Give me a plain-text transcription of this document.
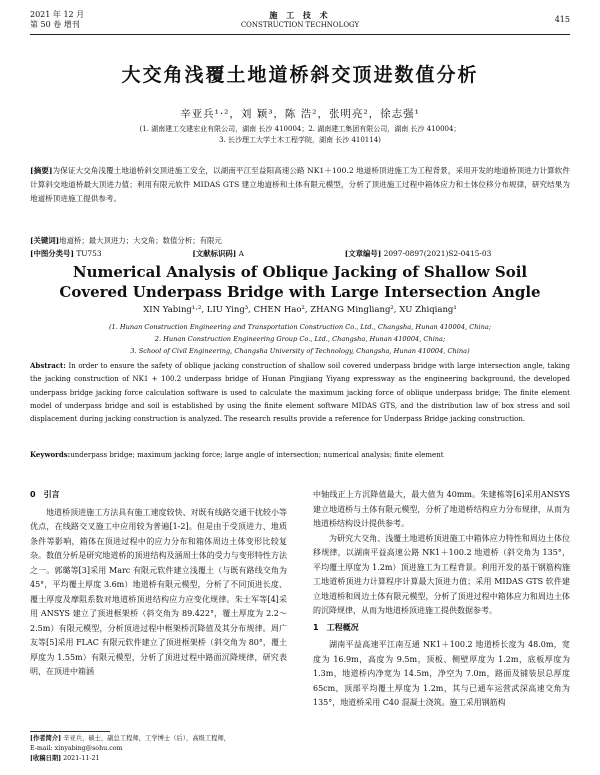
2021 年 12 月
第 50 卷 增刊
施 工 技 术
CONSTRUCTION TECHNOLOGY
415
大交角浅覆土地道桥斜交顶进数值分析
辛亚兵¹·²，刘 颖³，陈 浩²，张明亮²，徐志强¹
(1. 湖南建工交建宏业有限公司，湖南 长沙 410004；2. 湖南建工集团有限公司，湖南 长沙 410004；
3. 长沙理工大学土木工程学院，湖南 长沙 410114)
[摘要]为保证大交角浅覆土地道桥斜交顶进施工安全，以湖南平江至益阳高速公路 NK1＋100.2 地道桥顶进施工为工程背景，采用开发的地道桥顶进力计算软件计算斜交地道桥最大顶进力值；利用有限元软件 MIDAS GTS 建立地道桥和土体有限元模型，分析了顶进施工过程中箱体应力和土体位移分布规律，研究结果为地道桥顶进施工提供参考。
[关键词]地道桥；最大顶进力；大交角；数值分析；有限元
[中图分类号] TU753	[文献标识码] A	[文章编号] 2097-0897(2021)S2-0415-03
Numerical Analysis of Oblique Jacking of Shallow Soil
Covered Underpass Bridge with Large Intersection Angle
XIN Yabing¹·², LIU Ying³, CHEN Hao², ZHANG Mingliang², XU Zhiqiang¹
(1. Hunan Construction Engineering and Transportation Construction Co., Ltd., Changsha, Hunan 410004, China;
2. Hunan Construction Engineering Group Co., Ltd., Changsha, Hunan 410004, China;
3. School of Civil Engineering, Changsha University of Technology, Changsha, Hunan 410004, China)
Abstract: In order to ensure the safety of oblique jacking construction of shallow soil covered underpass bridge with large intersection angle, taking the jacking construction of NK1 + 100.2 underpass bridge of Hunan Pingjiang Yiyang expressway as the engineering background, the developed underpass bridge jacking force calculation software is used to calculate the maximum jacking force of oblique underpass bridge; The finite element model of underpass bridge and soil is established by using the finite element software MIDAS GTS, and the distribution law of box stress and soil displacement during jacking construction is analyzed. The research results provide a reference for Underpass Bridge jacking construction.
Keywords:underpass bridge; maximum jacking force; large angle of intersection; numerical analysis; finite element
0　引言

地道桥顶进施工方法具有施工速度较快、对既有线路交通干扰较小等优点，在线路交叉施工中应用较为普遍[1-2]。但是由于受顶进力、地质条件等影响，箱体在顶进过程中的应力分布和箱体周边土体变形比较复杂。数值分析是研究地道桥的顶进结构及涵周土体的受力与变形特性方法之一。郭璐等[3]采用 Marc 有限元软件建立浅覆土（与既有路线交角为 45°，平均覆土厚度 3.6m）地道桥有限元模型，分析了不同顶进长度、覆土厚度及摩阻系数对地道桥顶进结构应力应变化规律。朱士军等[4]采用 ANSYS 建立了顶进框架桥（斜交角为 89.422°，覆土厚度为 2.2～2.5m）有限元模型，分析顶进过程中框架桥沉降值及其分布规律。周广友等[5]采用 FLAC 有限元软件建立了顶进框架桥（斜交角为 80°，覆土厚度为 1.55m）有限元模型，分析了顶进过程中路面沉降规律，研究表明，在顶进中箱涵

中轴线正上方沉降值最大，最大值为 40mm。朱建栋等[6]采用ANSYS建立地道桥与土体有限元模型，分析了地道桥结构应力分布规律，从而为地道桥结构设计提供参考。

为研究大交角、浅覆土地道桥顶进施工中箱体应力特性和周边土体位移规律，以湖南平益高速公路 NK1＋100.2 地道桥（斜交角为 135°，平均覆土厚度为 1.2m）顶进施工为工程背景。利用开发的基于钢筋构施工地道桥顶进力计算程序计算最大顶进力值；采用 MIDAS GTS 软件建立地道桥和周边土体有限元模型，分析了顶进过程中箱体应力和周边土体的沉降规律，从而为地道桥顶进施工提供数据参考。

1　工程概况

湖南平益高速平江南互通 NK1＋100.2 地道桥长度为 48.0m，宽度为 16.9m，高度为 9.5m，顶板、侧壁厚度为 1.2m，底板厚度为 1.3m，地道桥内净宽为 14.5m，净空为 7.0m，路面及铺装层总厚度 65cm，顶部平均覆土厚度为 1.2m，其与已通车运营武深高速交角为 135°，地道桥采用 C40 混凝土浇筑。施工采用钢筋构

[作者简介] 辛亚兵，硕士，副总工程师，工学博士（后），高级工程师，
E-mail: xinyabing@sohu.com
[收稿日期] 2021-11-21
